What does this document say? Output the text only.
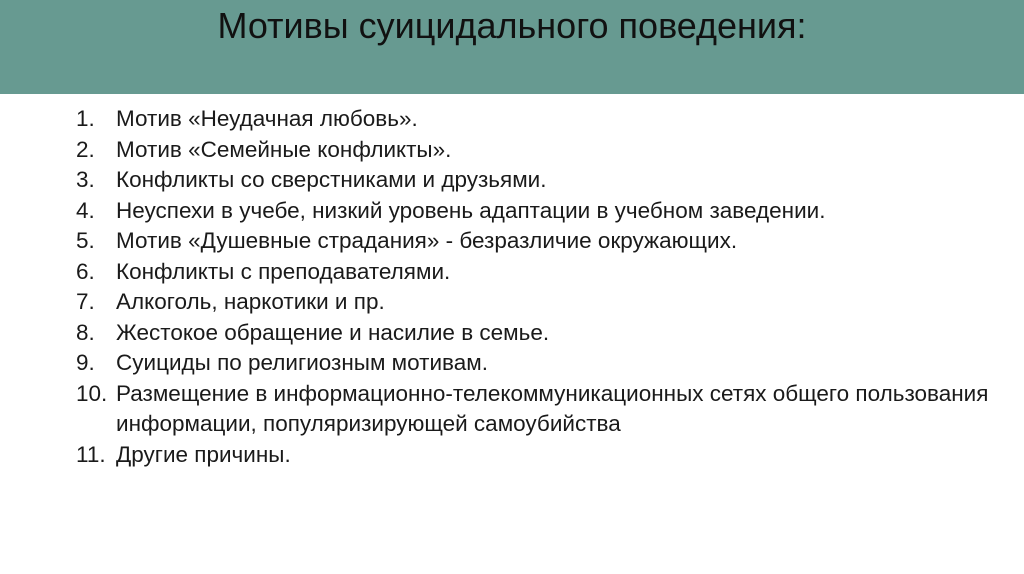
Мотивы суицидального поведения:
1. Мотив «Неудачная любовь».
2. Мотив «Семейные конфликты».
3. Конфликты со сверстниками и друзьями.
4. Неуспехи в учебе, низкий уровень адаптации в учебном заведении.
5. Мотив «Душевные страдания» - безразличие окружающих.
6. Конфликты с преподавателями.
7. Алкоголь, наркотики и пр.
8. Жестокое обращение и насилие в семье.
9. Суициды по религиозным мотивам.
10. Размещение в информационно-телекоммуникационных сетях общего пользования информации, популяризирующей самоубийства
11. Другие причины.
